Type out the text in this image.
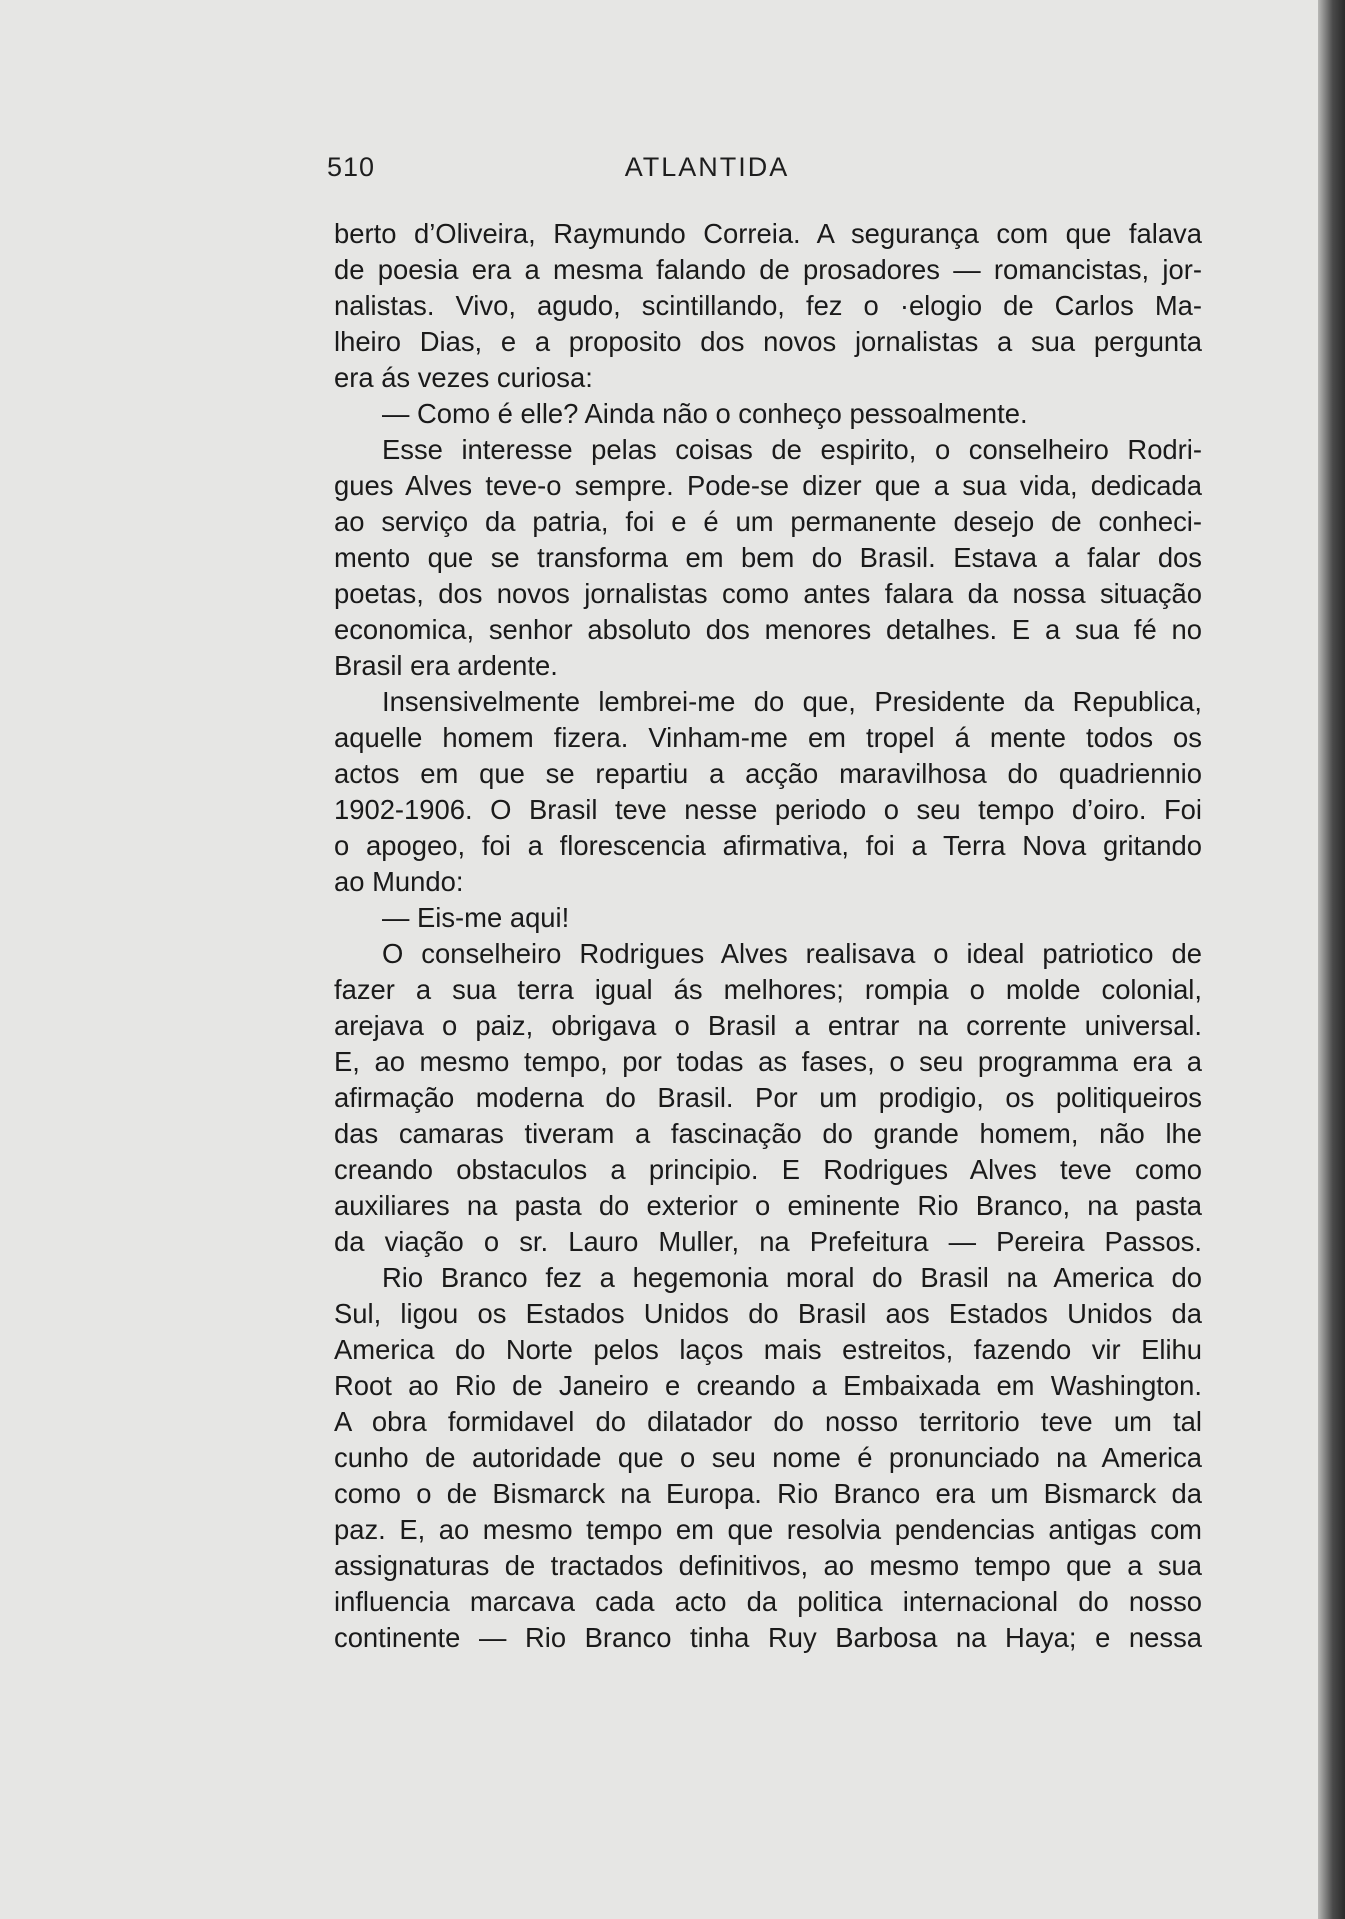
510	ATLANTIDA
berto d’Oliveira, Raymundo Correia. A segurança com que falava
de poesia era a mesma falando de prosadores — romancistas, jor-
nalistas. Vivo, agudo, scintillando, fez o ·elogio de Carlos Ma-
lheiro Dias, e a proposito dos novos jornalistas a sua pergunta
era ás vezes curiosa:
— Como é elle? Ainda não o conheço pessoalmente.
Esse interesse pelas coisas de espirito, o conselheiro Rodri-
gues Alves teve-o sempre. Pode-se dizer que a sua vida, dedicada
ao serviço da patria, foi e é um permanente desejo de conheci-
mento que se transforma em bem do Brasil. Estava a falar dos
poetas, dos novos jornalistas como antes falara da nossa situação
economica, senhor absoluto dos menores detalhes. E a sua fé no
Brasil era ardente.
Insensivelmente lembrei-me do que, Presidente da Republica,
aquelle homem fizera. Vinham-me em tropel á mente todos os
actos em que se repartiu a acção maravilhosa do quadriennio
1902-1906. O Brasil teve nesse periodo o seu tempo d’oiro. Foi
o apogeo, foi a florescencia afirmativa, foi a Terra Nova gritando
ao Mundo:
— Eis-me aqui!
O conselheiro Rodrigues Alves realisava o ideal patriotico de
fazer a sua terra igual ás melhores; rompia o molde colonial,
arejava o paiz, obrigava o Brasil a entrar na corrente universal.
E, ao mesmo tempo, por todas as fases, o seu programma era a
afirmação moderna do Brasil. Por um prodigio, os politiqueiros
das camaras tiveram a fascinação do grande homem, não lhe
creando obstaculos a principio. E Rodrigues Alves teve como
auxiliares na pasta do exterior o eminente Rio Branco, na pasta
da viação o sr. Lauro Muller, na Prefeitura — Pereira Passos.
Rio Branco fez a hegemonia moral do Brasil na America do
Sul, ligou os Estados Unidos do Brasil aos Estados Unidos da
America do Norte pelos laços mais estreitos, fazendo vir Elihu
Root ao Rio de Janeiro e creando a Embaixada em Washington.
A obra formidavel do dilatador do nosso territorio teve um tal
cunho de autoridade que o seu nome é pronunciado na America
como o de Bismarck na Europa. Rio Branco era um Bismarck da
paz. E, ao mesmo tempo em que resolvia pendencias antigas com
assignaturas de tractados definitivos, ao mesmo tempo que a sua
influencia marcava cada acto da politica internacional do nosso
continente — Rio Branco tinha Ruy Barbosa na Haya; e nessa
